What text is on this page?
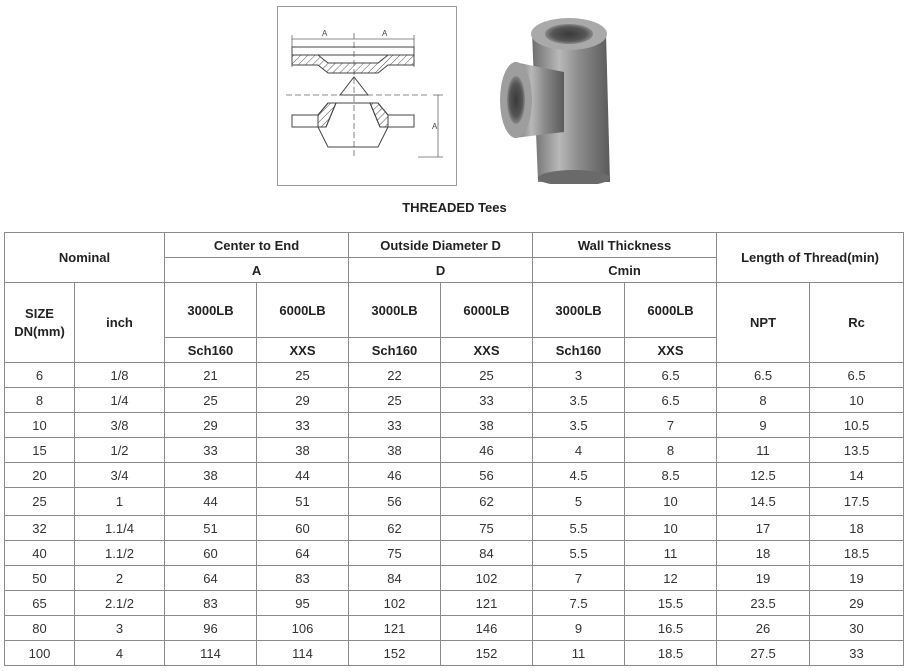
A	A
A
THREADED Tees
Nominal		Center to End		Outside Diameter D		Wall Thickness		Length of Thread(min)	
		A		D		Cmin			

SIZE
DN(mm)	inch	3000LB	6000LB	3000LB	6000LB	3000LB	6000LB	NPT	Rc
		Sch160	XXS	Sch160	XXS	Sch160	XXS		
6	1/8	21	25	22	25	3	6.5	6.5	6.5
8	1/4	25	29	25	33	3.5	6.5	8	10
10	3/8	29	33	33	38	3.5	7	9	10.5
15	1/2	33	38	38	46	4	8	11	13.5
20	3/4	38	44	46	56	4.5	8.5	12.5	14
25	1	44	51	56	62	5	10	14.5	17.5
32	1.1/4	51	60	62	75	5.5	10	17	18
40	1.1/2	60	64	75	84	5.5	11	18	18.5
50	2	64	83	84	102	7	12	19	19
65	2.1/2	83	95	102	121	7.5	15.5	23.5	29
80	3	96	106	121	146	9	16.5	26	30
100	4	114	114	152	152	11	18.5	27.5	33
